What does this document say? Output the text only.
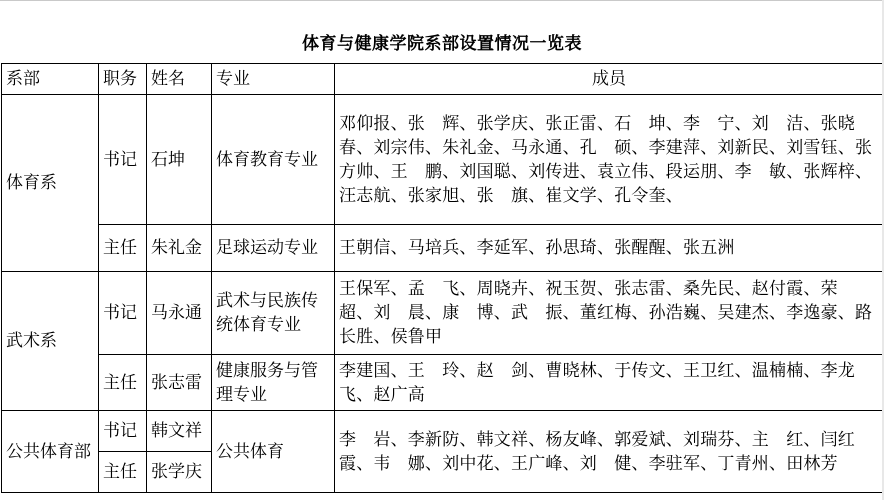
体育与健康学院系部设置情况一览表
系部	职务	姓名	专业	成员
体育系	书记	石坤	体育教育专业	邓仰报、张　辉、张学庆、张正雷、石　坤、李　宁、刘　洁、张晓春、刘宗伟、朱礼金、马永通、孔　硕、李建萍、刘新民、刘雪钰、张方帅、王　鹏、刘国聪、刘传进、袁立伟、段运朋、李　敏、张辉梓、汪志航、张家旭、张　旗、崔文学、孔令奎、
	主任	朱礼金	足球运动专业	王朝信、马培兵、李延军、孙思琦、张醒醒、张五洲
武术系	书记	马永通	武术与民族传统体育专业	王保军、孟　飞、周晓卉、祝玉贺、张志雷、桑先民、赵付霞、荣　超、刘　晨、康　博、武　振、董红梅、孙浩巍、吴建杰、李逸豪、路长胜、侯鲁甲
	主任	张志雷	健康服务与管理专业	李建国、王　玲、赵　剑、曹晓林、于传文、王卫红、温楠楠、李龙飞、赵广高
公共体育部	书记	韩文祥	公共体育	李　岩、李新防、韩文祥、杨友峰、郭爱斌、刘瑞芬、主　红、闫红霞、韦　娜、刘中花、王广峰、刘　健、李驻军、丁青州、田林芳
	主任	张学庆		
